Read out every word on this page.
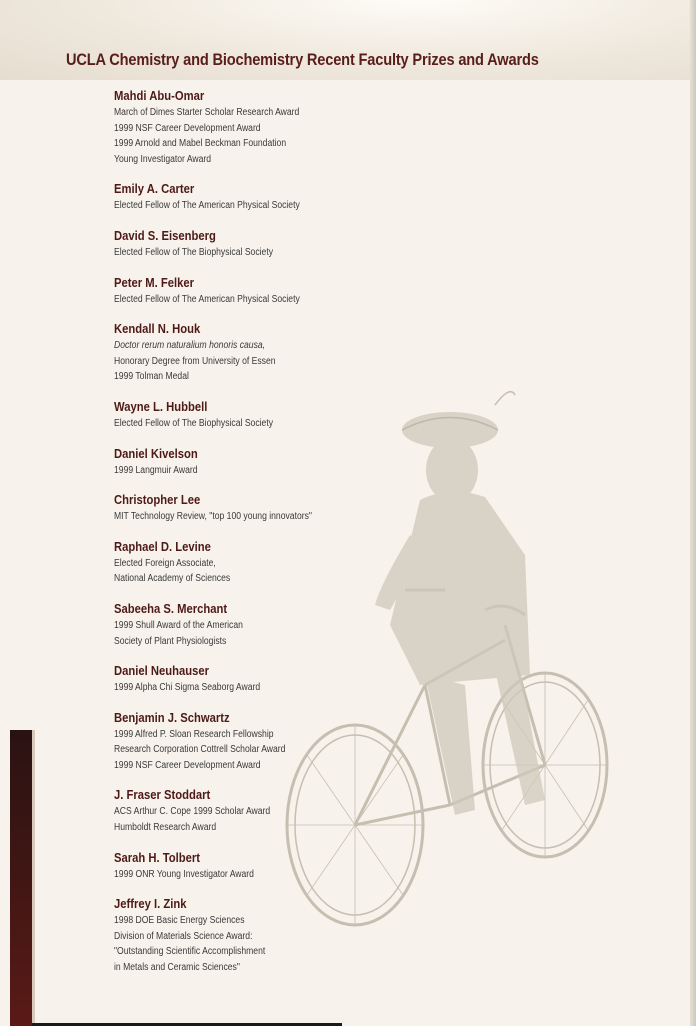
UCLA Chemistry and Biochemistry Recent Faculty Prizes and Awards
Mahdi Abu-Omar
March of Dimes Starter Scholar Research Award
1999 NSF Career Development Award
1999 Arnold and Mabel Beckman Foundation
Young Investigator Award
Emily A. Carter
Elected Fellow of The American Physical Society
David S. Eisenberg
Elected Fellow of The Biophysical Society
Peter M. Felker
Elected Fellow of The American Physical Society
Kendall N. Houk
Doctor rerum naturalium honoris causa,
Honorary Degree from University of Essen
1999 Tolman Medal
Wayne L. Hubbell
Elected Fellow of The Biophysical Society
Daniel Kivelson
1999 Langmuir Award
Christopher Lee
MIT Technology Review, "top 100 young innovators"
Raphael D. Levine
Elected Foreign Associate,
National Academy of Sciences
Sabeeha S. Merchant
1999 Shull Award of the American
Society of Plant Physiologists
Daniel Neuhauser
1999 Alpha Chi Sigma Seaborg Award
Benjamin J. Schwartz
1999 Alfred P. Sloan Research Fellowship
Research Corporation Cottrell Scholar Award
1999 NSF Career Development Award
J. Fraser Stoddart
ACS Arthur C. Cope 1999 Scholar Award
Humboldt Research Award
Sarah H. Tolbert
1999 ONR Young Investigator Award
Jeffrey I. Zink
1998 DOE Basic Energy Sciences
Division of Materials Science Award:
"Outstanding Scientific Accomplishment
in Metals and Ceramic Sciences"
